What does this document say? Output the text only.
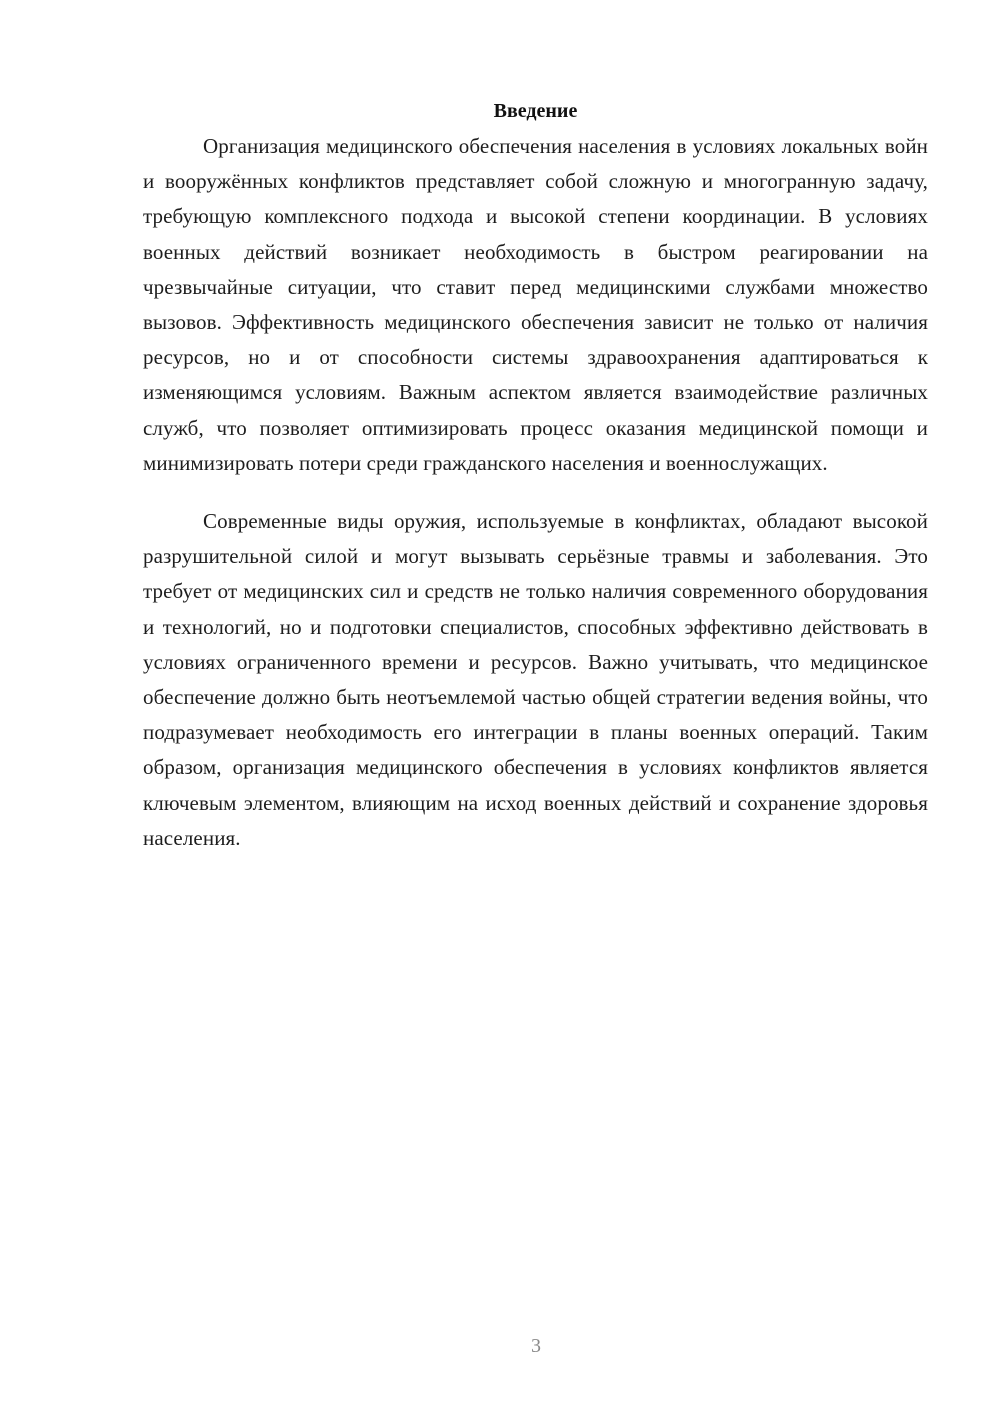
Введение

Организация медицинского обеспечения населения в условиях локальных войн и вооружённых конфликтов представляет собой сложную и многогранную задачу, требующую комплексного подхода и высокой степени координации. В условиях военных действий возникает необходимость в быстром реагировании на чрезвычайные ситуации, что ставит перед медицинскими службами множество вызовов. Эффективность медицинского обеспечения зависит не только от наличия ресурсов, но и от способности системы здравоохранения адаптироваться к изменяющимся условиям. Важным аспектом является взаимодействие различных служб, что позволяет оптимизировать процесс оказания медицинской помощи и минимизировать потери среди гражданского населения и военнослужащих.

Современные виды оружия, используемые в конфликтах, обладают высокой разрушительной силой и могут вызывать серьёзные травмы и заболевания. Это требует от медицинских сил и средств не только наличия современного оборудования и технологий, но и подготовки специалистов, способных эффективно действовать в условиях ограниченного времени и ресурсов. Важно учитывать, что медицинское обеспечение должно быть неотъемлемой частью общей стратегии ведения войны, что подразумевает необходимость его интеграции в планы военных операций. Таким образом, организация медицинского обеспечения в условиях конфликтов является ключевым элементом, влияющим на исход военных действий и сохранение здоровья населения.

3
